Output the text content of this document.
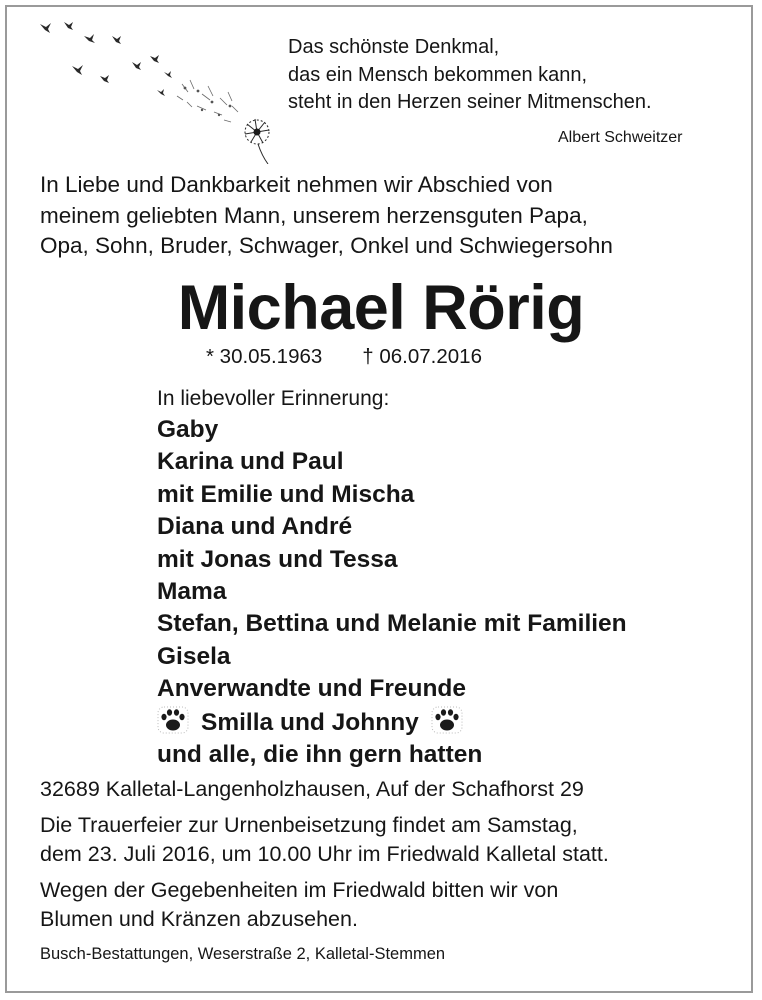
Das schönste Denkmal,
das ein Mensch bekommen kann,
steht in den Herzen seiner Mitmenschen.
Albert Schweitzer
In Liebe und Dankbarkeit nehmen wir Abschied von
meinem geliebten Mann, unserem herzensguten Papa,
Opa, Sohn, Bruder, Schwager, Onkel und Schwiegersohn
Michael Rörig
* 30.05.1963 † 06.07.2016
In liebevoller Erinnerung:
Gaby
Karina und Paul
mit Emilie und Mischa
Diana und André
mit Jonas und Tessa
Mama
Stefan, Bettina und Melanie mit Familien
Gisela
Anverwandte und Freunde
Smilla und Johnny
und alle, die ihn gern hatten
32689 Kalletal-Langenholzhausen, Auf der Schafhorst 29
Die Trauerfeier zur Urnenbeisetzung findet am Samstag,
dem 23. Juli 2016, um 10.00 Uhr im Friedwald Kalletal statt.
Wegen der Gegebenheiten im Friedwald bitten wir von
Blumen und Kränzen abzusehen.
Busch-Bestattungen, Weserstraße 2, Kalletal-Stemmen
